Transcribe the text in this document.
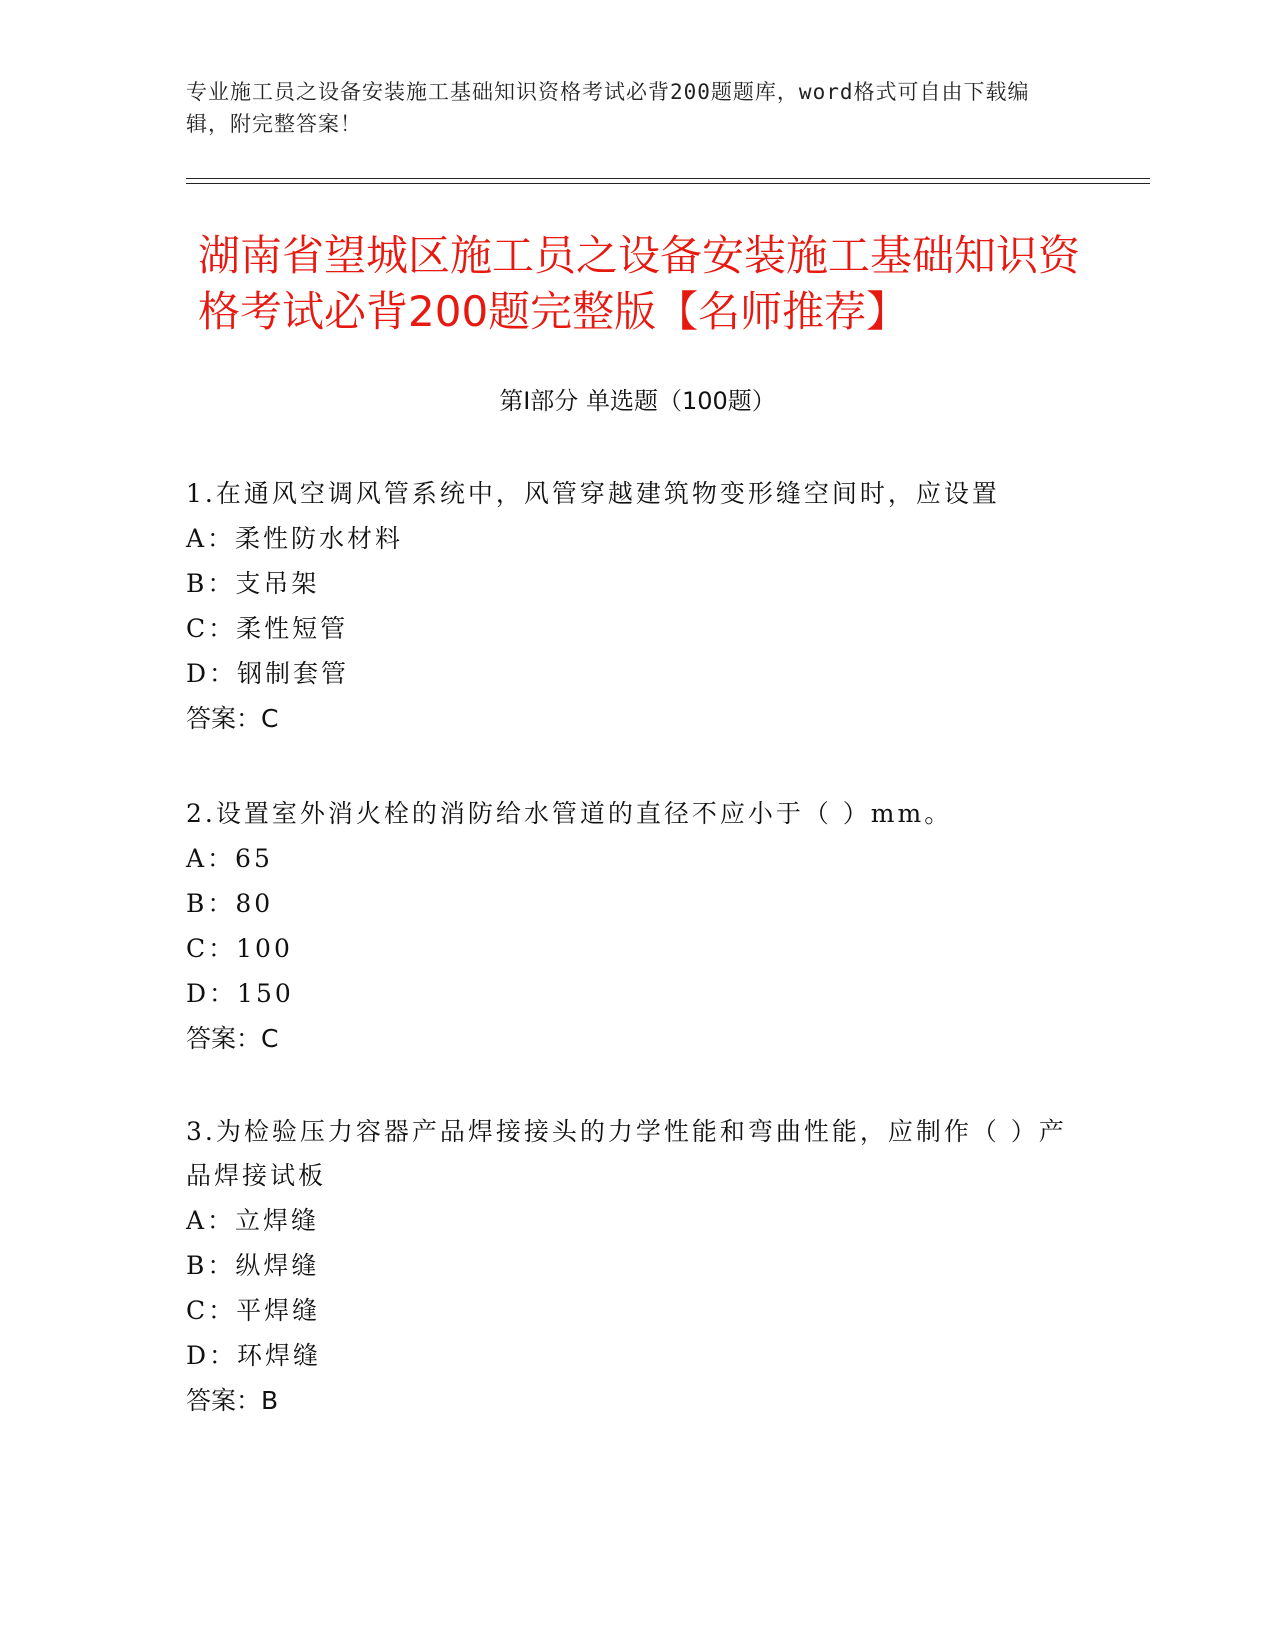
专业施工员之设备安装施工基础知识资格考试必背200题题库，word格式可自由下载编辑，附完整答案！
湖南省望城区施工员之设备安装施工基础知识资格考试必背200题完整版【名师推荐】
第I部分 单选题（100题）
1.在通风空调风管系统中，风管穿越建筑物变形缝空间时，应设置
A：柔性防水材料
B：支吊架
C：柔性短管
D：钢制套管
答案：C
2.设置室外消火栓的消防给水管道的直径不应小于（ ）mm。
A：65
B：80
C：100
D：150
答案：C
3.为检验压力容器产品焊接接头的力学性能和弯曲性能，应制作（ ）产品焊接试板
A：立焊缝
B：纵焊缝
C：平焊缝
D：环焊缝
答案：B
